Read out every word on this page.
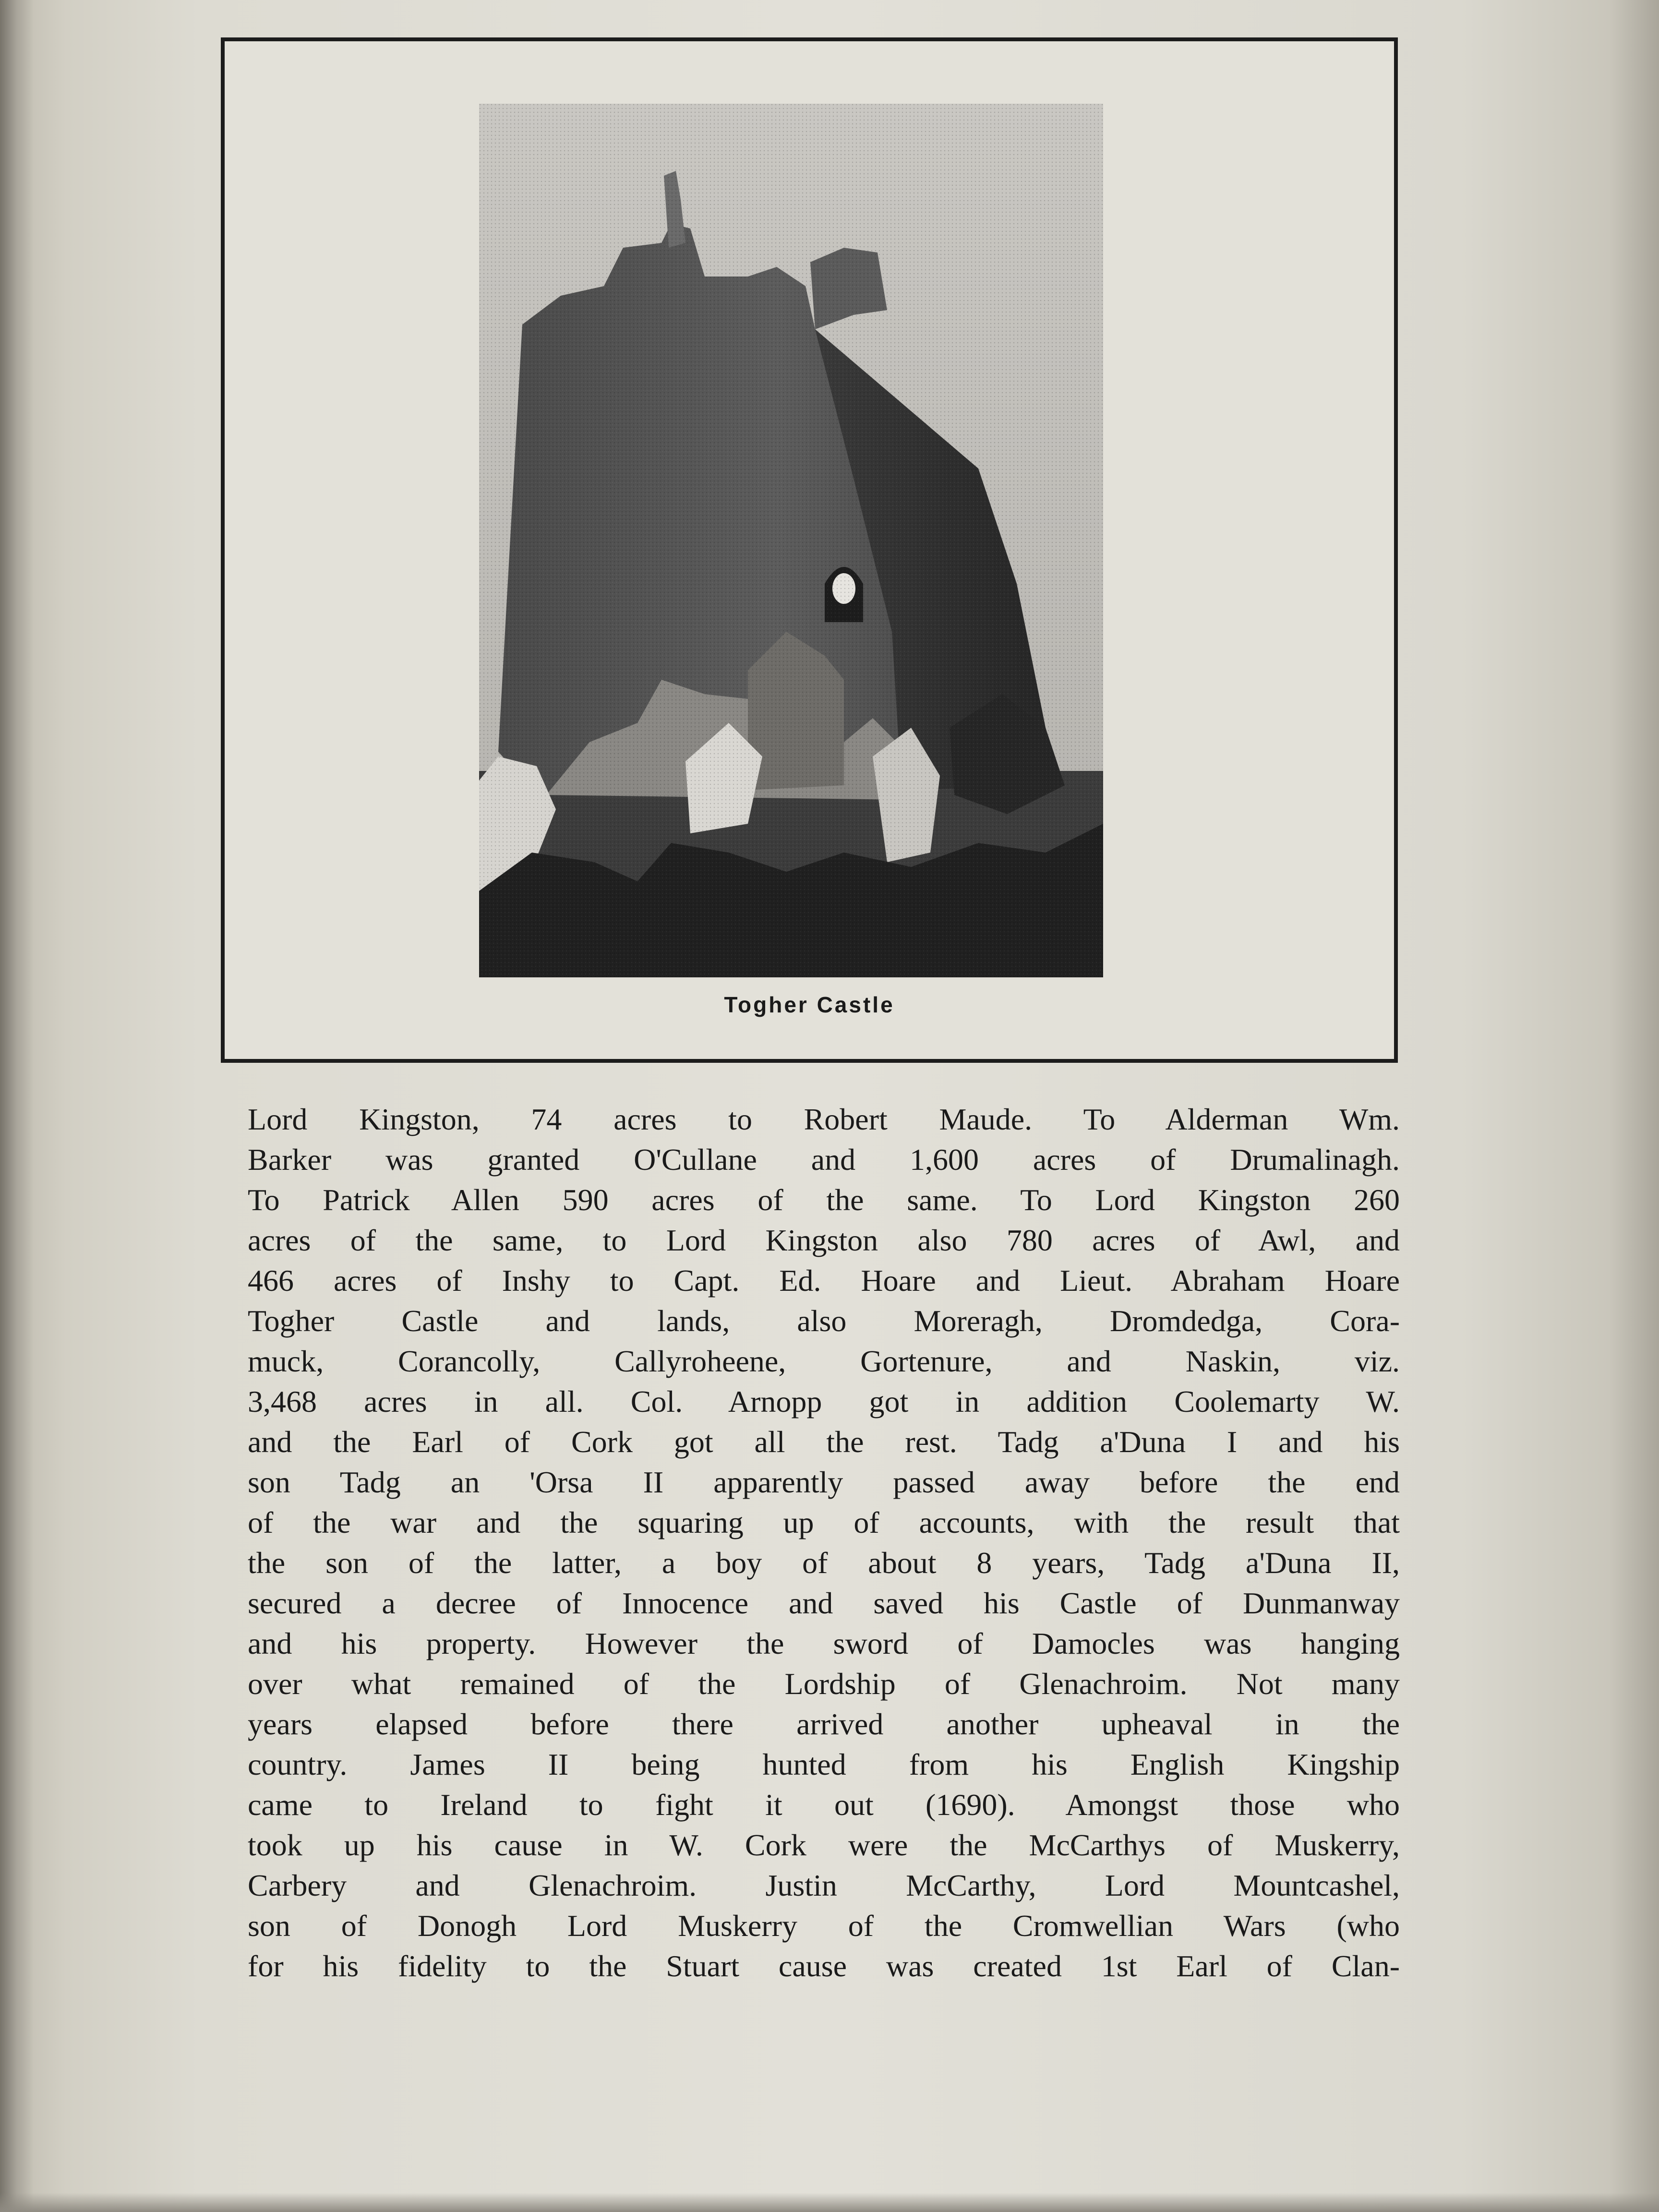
Togher Castle
Lord Kingston, 74 acres to Robert Maude. To Alderman Wm.
Barker was granted O'Cullane and 1,600 acres of Drumalinagh.
To Patrick Allen 590 acres of the same. To Lord Kingston 260
acres of the same, to Lord Kingston also 780 acres of Awl, and
466 acres of Inshy to Capt. Ed. Hoare and Lieut. Abraham Hoare
Togher Castle and lands, also Moreragh, Dromdedga, Cora-
muck, Corancolly, Callyroheene, Gortenure, and Naskin, viz.
3,468 acres in all. Col. Arnopp got in addition Coolemarty W.
and the Earl of Cork got all the rest. Tadg a'Duna I and his
son Tadg an 'Orsa II apparently passed away before the end
of the war and the squaring up of accounts, with the result that
the son of the latter, a boy of about 8 years, Tadg a'Duna II,
secured a decree of Innocence and saved his Castle of Dunmanway
and his property. However the sword of Damocles was hanging
over what remained of the Lordship of Glenachroim. Not many
years elapsed before there arrived another upheaval in the
country. James II being hunted from his English Kingship
came to Ireland to fight it out (1690). Amongst those who
took up his cause in W. Cork were the McCarthys of Muskerry,
Carbery and Glenachroim. Justin McCarthy, Lord Mountcashel,
son of Donogh Lord Muskerry of the Cromwellian Wars (who
for his fidelity to the Stuart cause was created 1st Earl of Clan-
